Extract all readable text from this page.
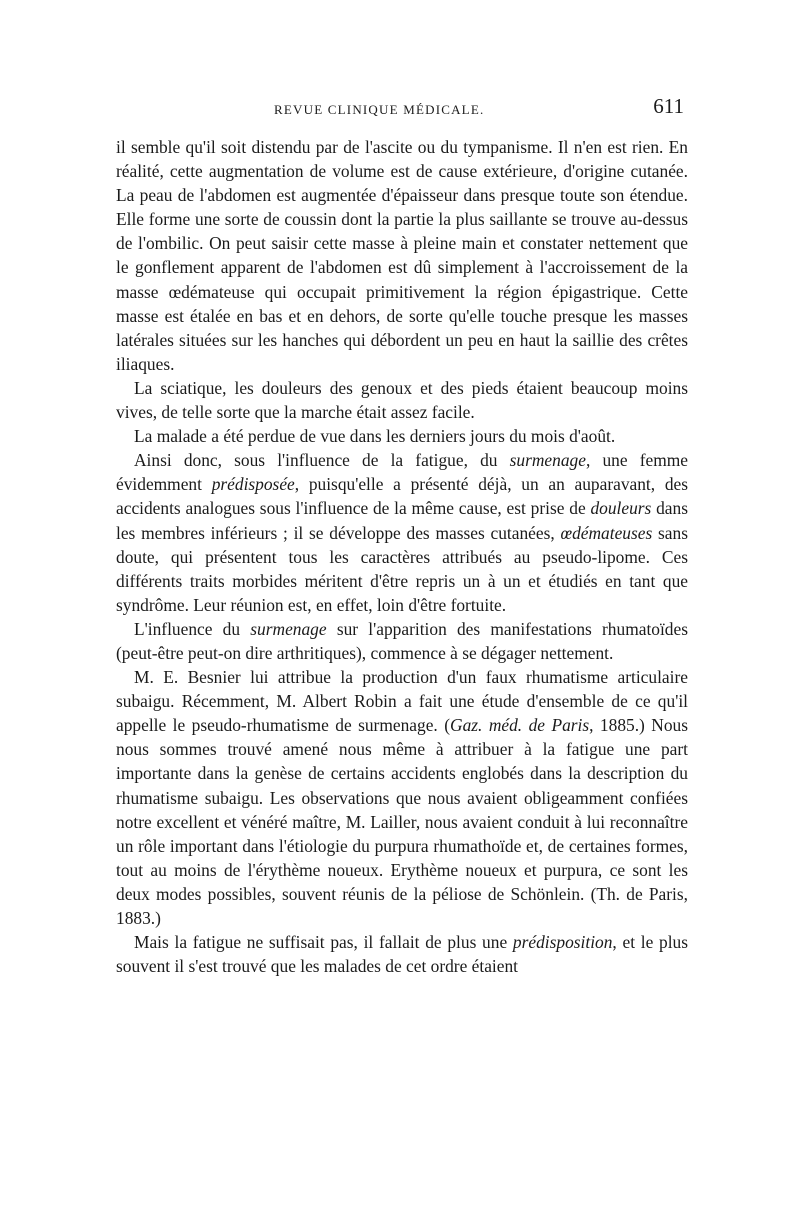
REVUE CLINIQUE MÉDICALE.	611

il semble qu'il soit distendu par de l'ascite ou du tympanisme. Il n'en est rien. En réalité, cette augmentation de volume est de cause extérieure, d'origine cutanée. La peau de l'abdomen est augmentée d'épaisseur dans presque toute son étendue. Elle forme une sorte de coussin dont la partie la plus saillante se trouve au-dessus de l'ombilic. On peut saisir cette masse à pleine main et constater nettement que le gonflement apparent de l'abdomen est dû simplement à l'accroissement de la masse œdémateuse qui occupait primitivement la région épigastrique. Cette masse est étalée en bas et en dehors, de sorte qu'elle touche presque les masses latérales situées sur les hanches qui débordent un peu en haut la saillie des crêtes iliaques.

La sciatique, les douleurs des genoux et des pieds étaient beaucoup moins vives, de telle sorte que la marche était assez facile.

La malade a été perdue de vue dans les derniers jours du mois d'août.

Ainsi donc, sous l'influence de la fatigue, du surmenage, une femme évidemment prédisposée, puisqu'elle a présenté déjà, un an auparavant, des accidents analogues sous l'influence de la même cause, est prise de douleurs dans les membres inférieurs ; il se développe des masses cutanées, œdémateuses sans doute, qui présentent tous les caractères attribués au pseudo-lipome. Ces différents traits morbides méritent d'être repris un à un et étudiés en tant que syndrôme. Leur réunion est, en effet, loin d'être fortuite.

L'influence du surmenage sur l'apparition des manifestations rhumatoïdes (peut-être peut-on dire arthritiques), commence à se dégager nettement.

M. E. Besnier lui attribue la production d'un faux rhumatisme articulaire subaigu. Récemment, M. Albert Robin a fait une étude d'ensemble de ce qu'il appelle le pseudo-rhumatisme de surmenage. (Gaz. méd. de Paris, 1885.) Nous nous sommes trouvé amené nous même à attribuer à la fatigue une part importante dans la genèse de certains accidents englobés dans la description du rhumatisme subaigu. Les observations que nous avaient obligeamment confiées notre excellent et vénéré maître, M. Lailler, nous avaient conduit à lui reconnaître un rôle important dans l'étiologie du purpura rhumathoïde et, de certaines formes, tout au moins de l'érythème noueux. Erythème noueux et purpura, ce sont les deux modes possibles, souvent réunis de la péliose de Schönlein. (Th. de Paris, 1883.)

Mais la fatigue ne suffisait pas, il fallait de plus une prédisposition, et le plus souvent il s'est trouvé que les malades de cet ordre étaient
